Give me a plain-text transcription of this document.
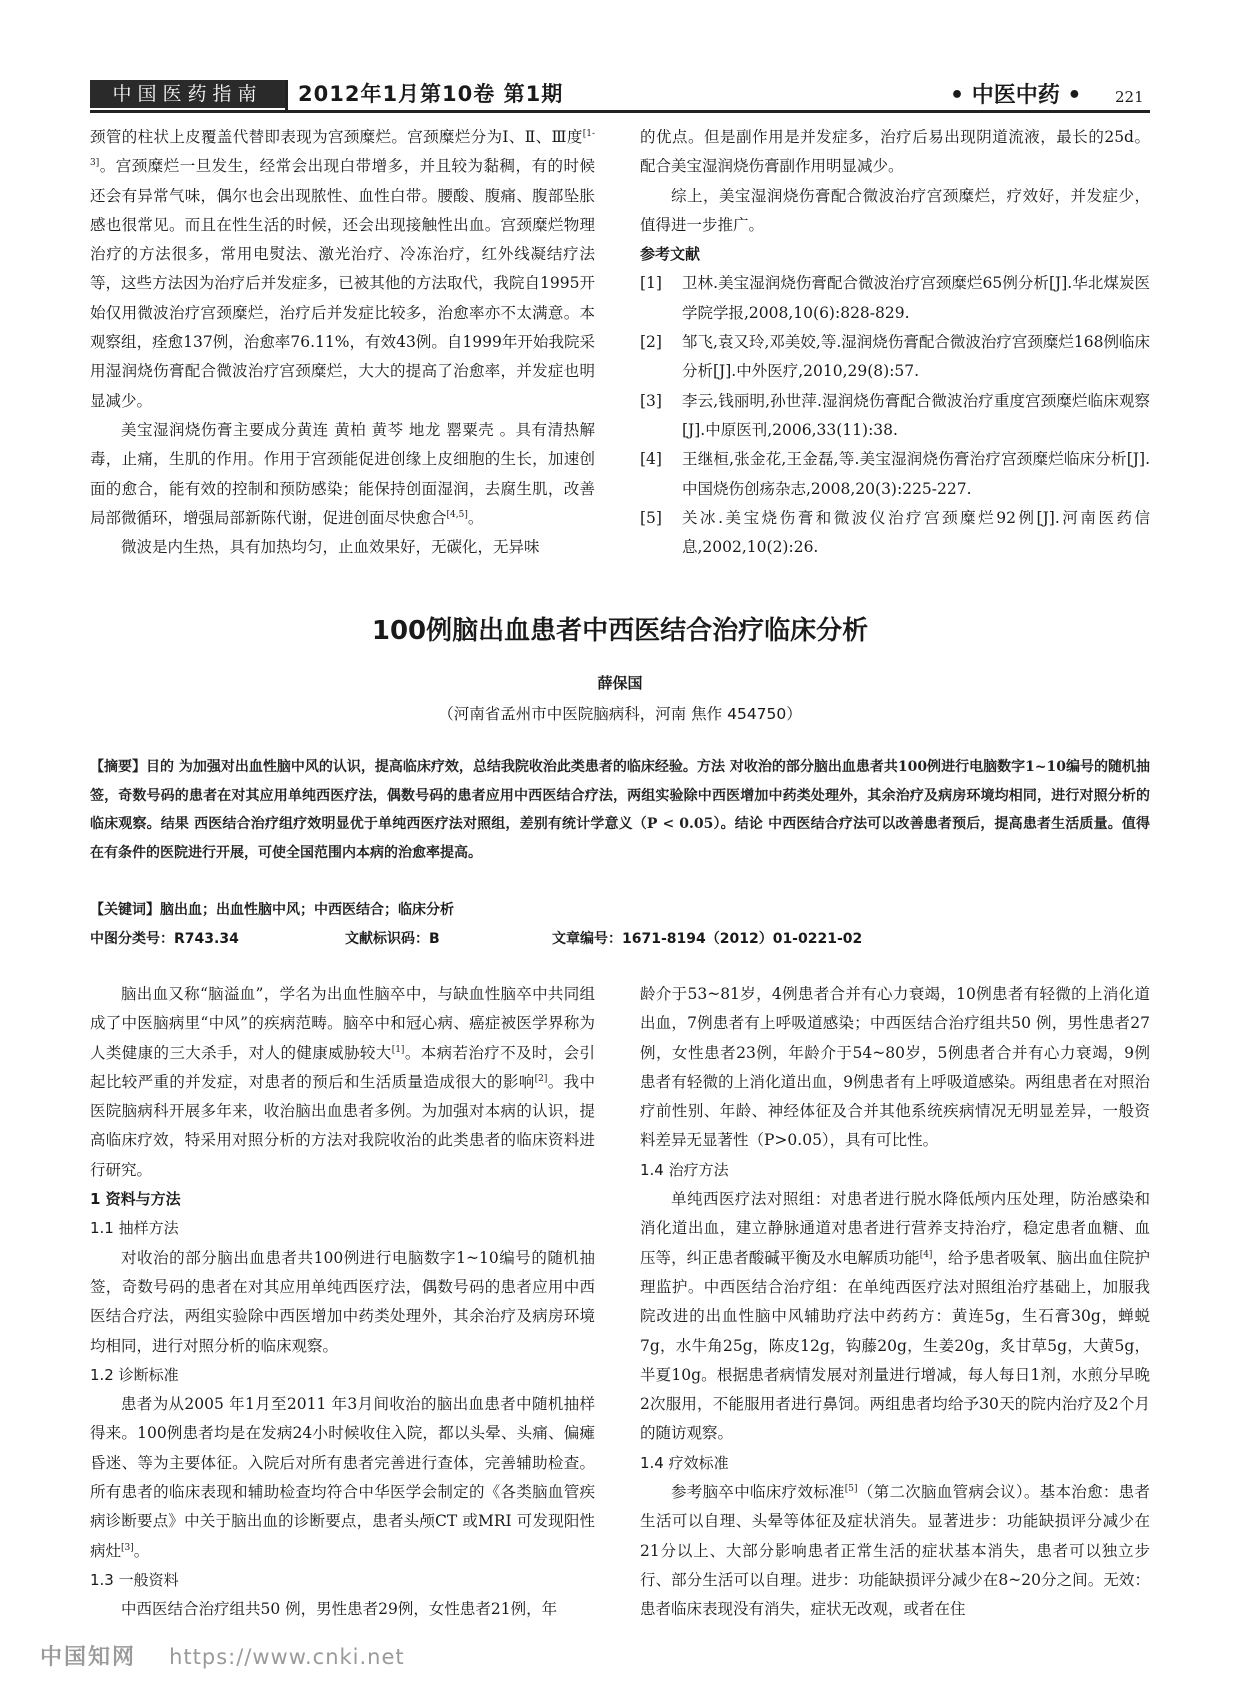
中国医药指南	2012年1月第10卷 第1期	• 中医中药 • 221

颈管的柱状上皮覆盖代替即表现为宫颈糜烂。宫颈糜烂分为Ⅰ、Ⅱ、Ⅲ度[1-3]。宫颈糜烂一旦发生，经常会出现白带增多，并且较为黏稠，有的时候还会有异常气味，偶尔也会出现脓性、血性白带。腰酸、腹痛、腹部坠胀感也很常见。而且在性生活的时候，还会出现接触性出血。宫颈糜烂物理治疗的方法很多，常用电熨法、激光治疗、冷冻治疗，红外线凝结疗法等，这些方法因为治疗后并发症多，已被其他的方法取代，我院自1995开始仅用微波治疗宫颈糜烂，治疗后并发症比较多，治愈率亦不太满意。本观察组，痊愈137例，治愈率76.11%，有效43例。自1999年开始我院采用湿润烧伤膏配合微波治疗宫颈糜烂，大大的提高了治愈率，并发症也明显减少。

美宝湿润烧伤膏主要成分黄连 黄柏 黄芩 地龙 罂粟壳 。具有清热解毒，止痛，生肌的作用。作用于宫颈能促进创缘上皮细胞的生长，加速创面的愈合，能有效的控制和预防感染；能保持创面湿润，去腐生肌，改善局部微循环，增强局部新陈代谢，促进创面尽快愈合[4,5]。

微波是内生热，具有加热均匀，止血效果好，无碳化，无异味

的优点。但是副作用是并发症多，治疗后易出现阴道流液，最长的25d。配合美宝湿润烧伤膏副作用明显减少。

综上，美宝湿润烧伤膏配合微波治疗宫颈糜烂，疗效好，并发症少，值得进一步推广。

参考文献

[1]	卫林.美宝湿润烧伤膏配合微波治疗宫颈糜烂65例分析[J].华北煤炭医学院学报,2008,10(6):828-829.
[2]	邹飞,袁又玲,邓美姣,等.湿润烧伤膏配合微波治疗宫颈糜烂168例临床分析[J].中外医疗,2010,29(8):57.
[3]	李云,钱丽明,孙世萍.湿润烧伤膏配合微波治疗重度宫颈糜烂临床观察[J].中原医刊,2006,33(11):38.
[4]	王继桓,张金花,王金磊,等.美宝湿润烧伤膏治疗宫颈糜烂临床分析[J].中国烧伤创疡杂志,2008,20(3):225-227.
[5]	关冰.美宝烧伤膏和微波仪治疗宫颈糜烂92例[J].河南医药信息,2002,10(2):26.
100例脑出血患者中西医结合治疗临床分析
薛保国
（河南省孟州市中医院脑病科，河南 焦作 454750）
【摘要】目的 为加强对出血性脑中风的认识，提高临床疗效，总结我院收治此类患者的临床经验。方法 对收治的部分脑出血患者共100例进行电脑数字1~10编号的随机抽签，奇数号码的患者在对其应用单纯西医疗法，偶数号码的患者应用中西医结合疗法，两组实验除中西医增加中药类处理外，其余治疗及病房环境均相同，进行对照分析的临床观察。结果 西医结合治疗组疗效明显优于单纯西医疗法对照组，差别有统计学意义（P < 0.05）。结论 中西医结合疗法可以改善患者预后，提高患者生活质量。值得在有条件的医院进行开展，可使全国范围内本病的治愈率提高。
【关键词】脑出血；出血性脑中风；中西医结合；临床分析
中图分类号：R743.34	文献标识码：B	文章编号：1671-8194（2012）01-0221-02

脑出血又称“脑溢血”，学名为出血性脑卒中，与缺血性脑卒中共同组成了中医脑病里“中风”的疾病范畴。脑卒中和冠心病、癌症被医学界称为人类健康的三大杀手，对人的健康威胁较大[1]。本病若治疗不及时，会引起比较严重的并发症，对患者的预后和生活质量造成很大的影响[2]。我中医院脑病科开展多年来，收治脑出血患者多例。为加强对本病的认识，提高临床疗效，特采用对照分析的方法对我院收治的此类患者的临床资料进行研究。

1 资料与方法

1.1 抽样方法

对收治的部分脑出血患者共100例进行电脑数字1~10编号的随机抽签，奇数号码的患者在对其应用单纯西医疗法，偶数号码的患者应用中西医结合疗法，两组实验除中西医增加中药类处理外，其余治疗及病房环境均相同，进行对照分析的临床观察。

1.2 诊断标准

患者为从2005 年1月至2011 年3月间收治的脑出血患者中随机抽样得来。100例患者均是在发病24小时候收住入院，都以头晕、头痛、偏瘫昏迷、等为主要体征。入院后对所有患者完善进行查体，完善辅助检查。所有患者的临床表现和辅助检查均符合中华医学会制定的《各类脑血管疾病诊断要点》中关于脑出血的诊断要点，患者头颅CT 或MRI 可发现阳性病灶[3]。

1.3 一般资料

中西医结合治疗组共50 例，男性患者29例，女性患者21例，年

龄介于53~81岁，4例患者合并有心力衰竭，10例患者有轻微的上消化道出血，7例患者有上呼吸道感染；中西医结合治疗组共50 例，男性患者27例，女性患者23例，年龄介于54~80岁，5例患者合并有心力衰竭，9例患者有轻微的上消化道出血，9例患者有上呼吸道感染。两组患者在对照治疗前性别、年龄、神经体征及合并其他系统疾病情况无明显差异，一般资料差异无显著性（P>0.05），具有可比性。

1.4 治疗方法

单纯西医疗法对照组：对患者进行脱水降低颅内压处理，防治感染和消化道出血，建立静脉通道对患者进行营养支持治疗，稳定患者血糖、血压等，纠正患者酸碱平衡及水电解质功能[4]，给予患者吸氧、脑出血住院护理监护。中西医结合治疗组：在单纯西医疗法对照组治疗基础上，加服我院改进的出血性脑中风辅助疗法中药药方：黄连5g，生石膏30g，蝉蜕7g，水牛角25g，陈皮12g，钩藤20g，生姜20g，炙甘草5g，大黄5g，半夏10g。根据患者病情发展对剂量进行增减，每人每日1剂，水煎分早晚2次服用，不能服用者进行鼻饲。两组患者均给予30天的院内治疗及2个月的随访观察。

1.4 疗效标准

参考脑卒中临床疗效标准[5]（第二次脑血管病会议）。基本治愈：患者生活可以自理、头晕等体征及症状消失。显著进步：功能缺损评分减少在21分以上、大部分影响患者正常生活的症状基本消失，患者可以独立步行、部分生活可以自理。进步：功能缺损评分减少在8~20分之间。无效：患者临床表现没有消失，症状无改观，或者在住

中国知网 https://www.cnki.net
